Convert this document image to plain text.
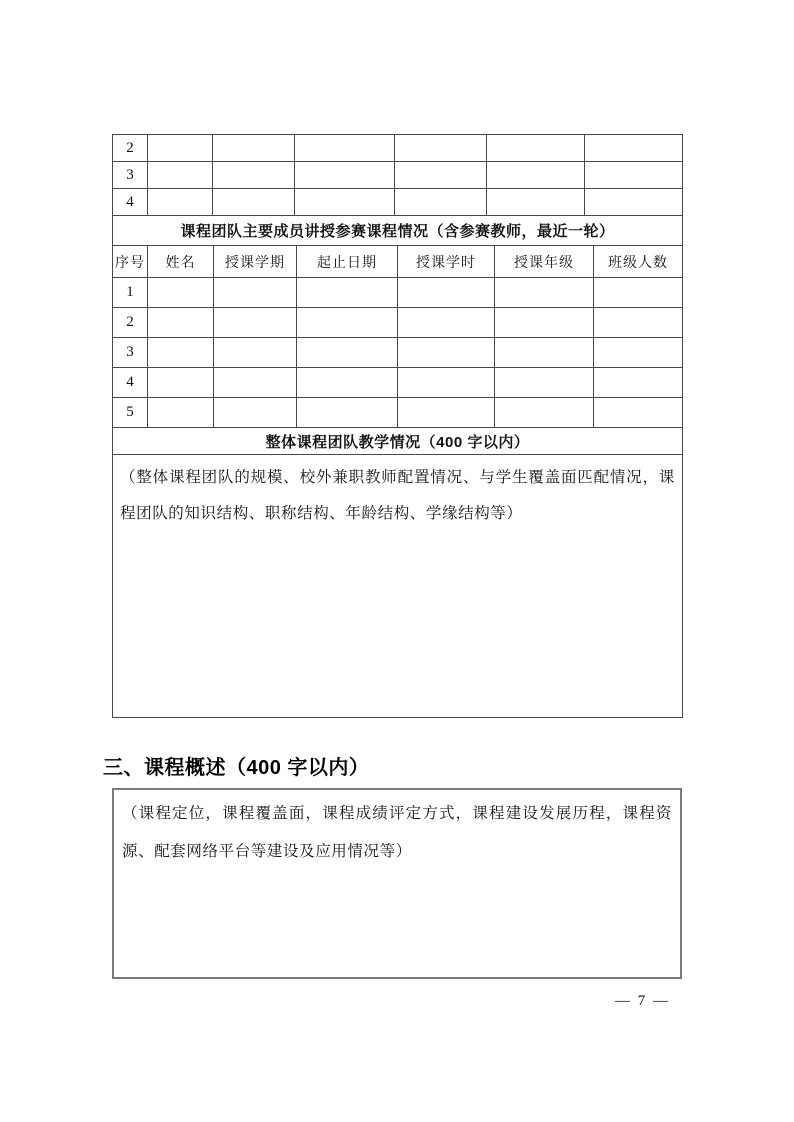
2						
3						
4						
课程团队主要成员讲授参赛课程情况（含参赛教师，最近一轮）						
序号	姓名	授课学期	起止日期	授课学时	授课年级	班级人数
1						
2						
3						
4						
5						
整体课程团队教学情况（400 字以内）						

（整体课程团队的规模、校外兼职教师配置情况、与学生覆盖面匹配情况，课程团队的知识结构、职称结构、年龄结构、学缘结构等）						
三、课程概述（400 字以内）
（课程定位，课程覆盖面，课程成绩评定方式，课程建设发展历程，课程资源、配套网络平台等建设及应用情况等）
— 7 —
